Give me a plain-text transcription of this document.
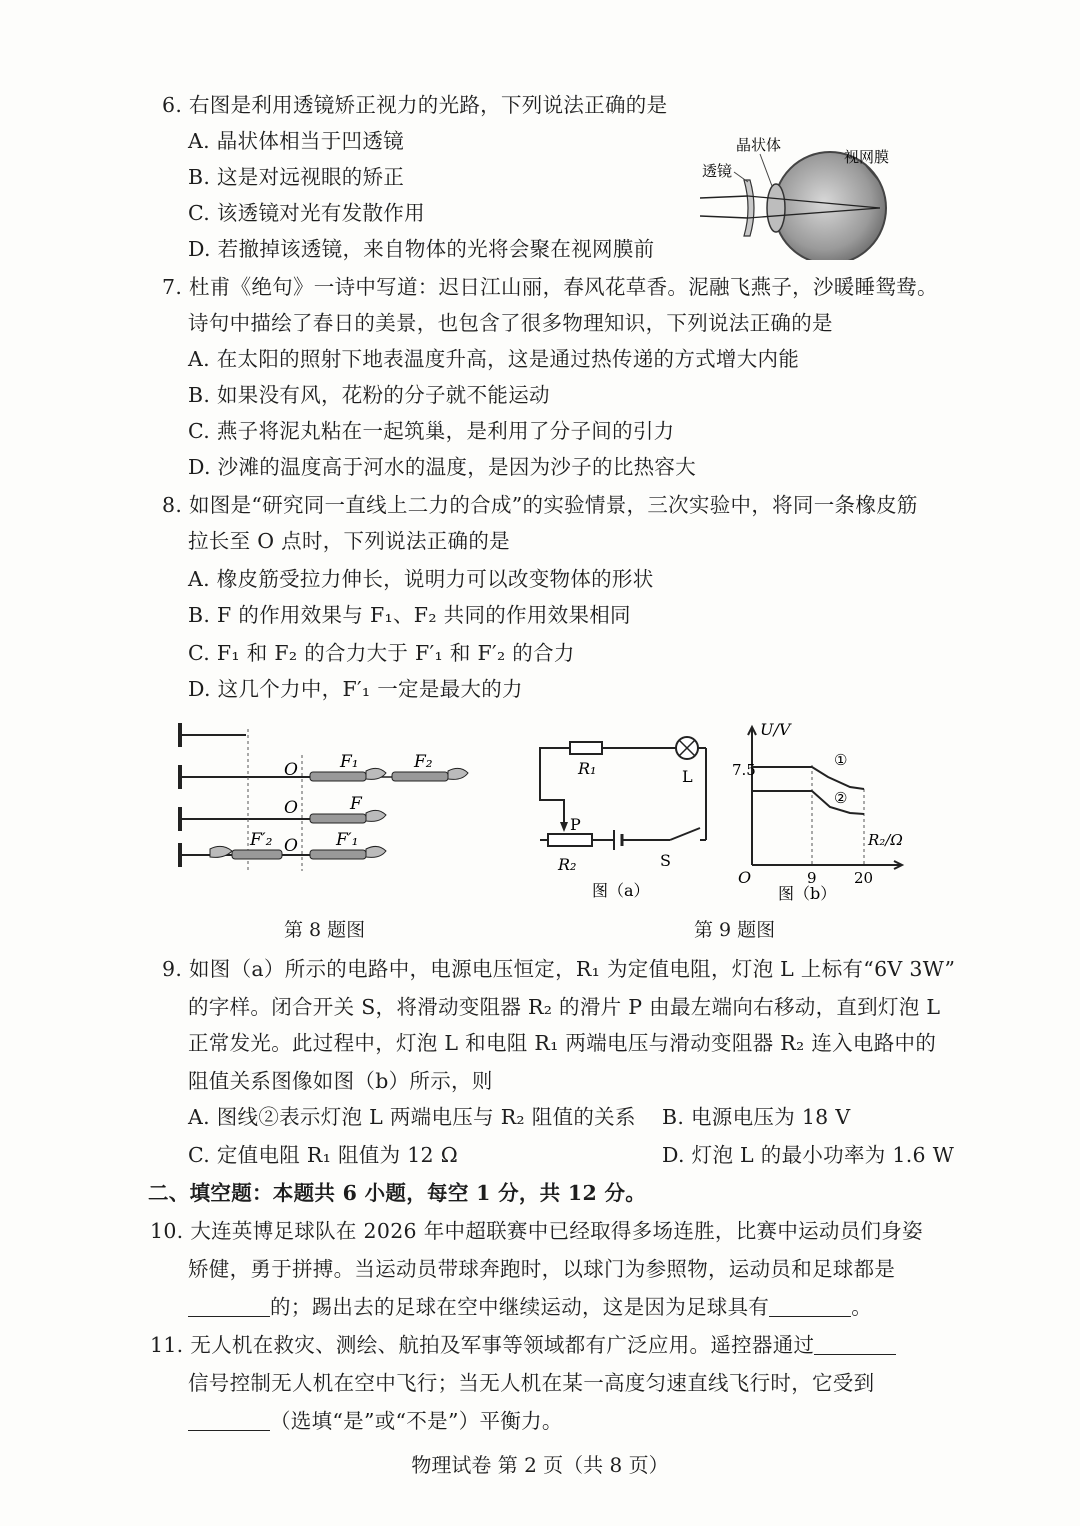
6. 右图是利用透镜矫正视力的光路，下列说法正确的是
A. 晶状体相当于凹透镜
B. 这是对远视眼的矫正
C. 该透镜对光有发散作用
D. 若撤掉该透镜，来自物体的光将会聚在视网膜前
晶状体
透镜
视网膜
7. 杜甫《绝句》一诗中写道：迟日江山丽，春风花草香。泥融飞燕子，沙暖睡鸳鸯。
诗句中描绘了春日的美景，也包含了很多物理知识，下列说法正确的是
A. 在太阳的照射下地表温度升高，这是通过热传递的方式增大内能
B. 如果没有风，花粉的分子就不能运动
C. 燕子将泥丸粘在一起筑巢，是利用了分子间的引力
D. 沙滩的温度高于河水的温度，是因为沙子的比热容大
8. 如图是“研究同一直线上二力的合成”的实验情景，三次实验中，将同一条橡皮筋
拉长至 O 点时，下列说法正确的是
A. 橡皮筋受拉力伸长，说明力可以改变物体的形状
B. F 的作用效果与 F₁、F₂ 共同的作用效果相同
C. F₁ 和 F₂ 的合力大于 F′₁ 和 F′₂ 的合力
D. 这几个力中，F′₁ 一定是最大的力
O
O
O
F₁	F₂
F
F′₂	F′₁
R₁	L
P
R₂	S
图（a）
U/V
R₂/Ω
7.5
O	9 20
①
②
图（b）
第 8 题图	第 9 题图
9. 如图（a）所示的电路中，电源电压恒定，R₁ 为定值电阻，灯泡 L 上标有“6V 3W”
的字样。闭合开关 S，将滑动变阻器 R₂ 的滑片 P 由最左端向右移动，直到灯泡 L
正常发光。此过程中，灯泡 L 和电阻 R₁ 两端电压与滑动变阻器 R₂ 连入电路中的
阻值关系图像如图（b）所示，则
A. 图线②表示灯泡 L 两端电压与 R₂ 阻值的关系 B. 电源电压为 18 V
C. 定值电阻 R₁ 阻值为 12 Ω	D. 灯泡 L 的最小功率为 1.6 W
二、填空题：本题共 6 小题，每空 1 分，共 12 分。
10. 大连英博足球队在 2026 年中超联赛中已经取得多场连胜，比赛中运动员们身姿
矫健，勇于拼搏。当运动员带球奔跑时，以球门为参照物，运动员和足球都是
的；踢出去的足球在空中继续运动，这是因为足球具有	。
11. 无人机在救灾、测绘、航拍及军事等领域都有广泛应用。遥控器通过
信号控制无人机在空中飞行；当无人机在某一高度匀速直线飞行时，它受到
（选填“是”或“不是”）平衡力。
物理试卷 第 2 页（共 8 页）
